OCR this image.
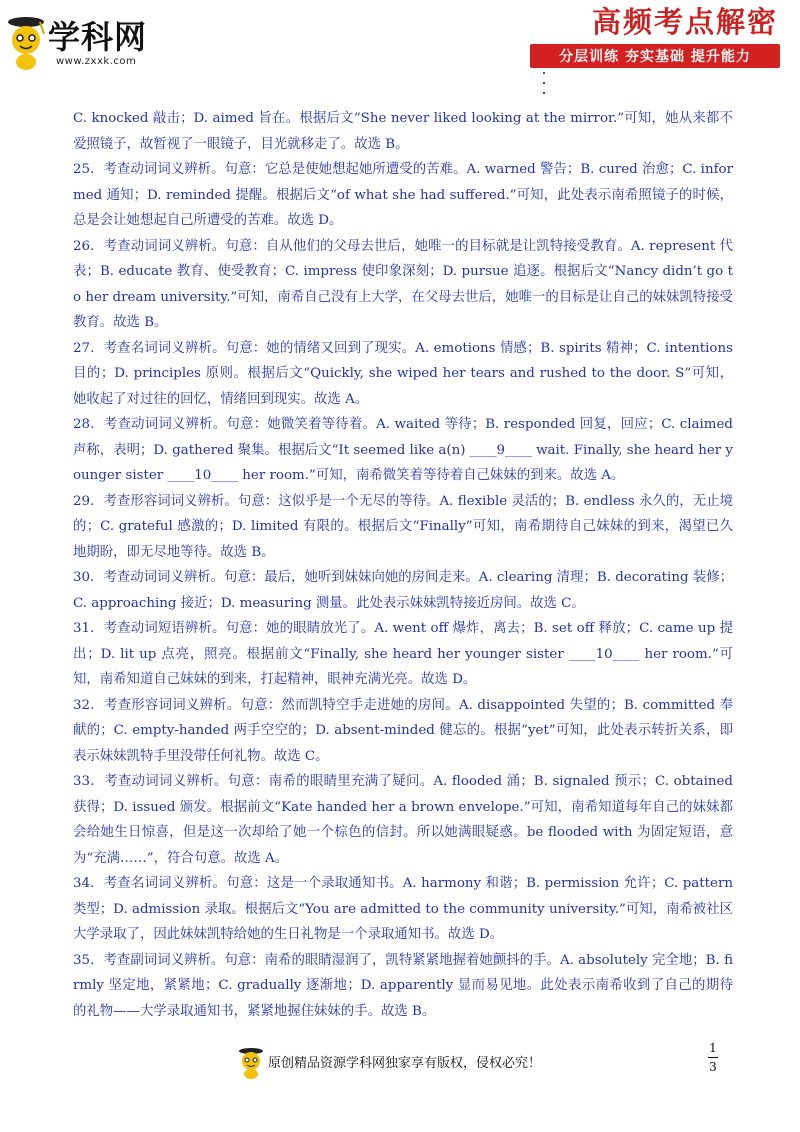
学科网
www.zxxk.com
高频考点解密
分层训练 夯实基础 提升能力

C. knocked 敲击；D. aimed 旨在。根据后文“She never liked looking at the mirror.”可知，她从来都不爱照镜子，故暂视了一眼镜子，目光就移走了。故选 B。

25．考查动词词义辨析。句意：它总是使她想起她所遭受的苦难。A. warned 警告；B. cured 治愈；C. informed 通知；D. reminded 提醒。根据后文“of what she had suffered.”可知，此处表示南希照镜子的时候，总是会让她想起自己所遭受的苦难。故选 D。

26．考查动词词义辨析。句意：自从他们的父母去世后，她唯一的目标就是让凯特接受教育。A. represent 代表；B. educate 教育、使受教育；C. impress 使印象深刻；D. pursue 追逐。根据后文“Nancy didn’t go to her dream university.”可知，南希自己没有上大学，在父母去世后，她唯一的目标是让自己的妹妹凯特接受教育。故选 B。

27．考查名词词义辨析。句意：她的情绪又回到了现实。A. emotions 情感；B. spirits 精神；C. intentions 目的；D. principles 原则。根据后文“Quickly, she wiped her tears and rushed to the door. S”可知，她收起了对过往的回忆，情绪回到现实。故选 A。

28．考查动词词义辨析。句意：她微笑着等待着。A. waited 等待；B. responded 回复，回应；C. claimed 声称，表明；D. gathered 聚集。根据后文“It seemed like a(n) ____9____ wait. Finally, she heard her younger sister ____10____ her room.”可知，南希微笑着等待着自己妹妹的到来。故选 A。

29．考查形容词词义辨析。句意：这似乎是一个无尽的等待。A. flexible 灵活的；B. endless 永久的，无止境的；C. grateful 感激的；D. limited 有限的。根据后文“Finally”可知，南希期待自己妹妹的到来，渴望已久地期盼，即无尽地等待。故选 B。

30．考查动词词义辨析。句意：最后，她听到妹妹向她的房间走来。A. clearing 清理；B. decorating 装修；C. approaching 接近；D. measuring 测量。此处表示妹妹凯特接近房间。故选 C。

31．考查动词短语辨析。句意：她的眼睛放光了。A. went off 爆炸，离去；B. set off 释放；C. came up 提出；D. lit up 点亮，照亮。根据前文“Finally, she heard her younger sister ____10____ her room.”可知，南希知道自己妹妹的到来，打起精神，眼神充满光亮。故选 D。

32．考查形容词词义辨析。句意：然而凯特空手走进她的房间。A. disappointed 失望的；B. committed 奉献的；C. empty-handed 两手空空的；D. absent-minded 健忘的。根据“yet”可知，此处表示转折关系，即表示妹妹凯特手里没带任何礼物。故选 C。

33．考查动词词义辨析。句意：南希的眼睛里充满了疑问。A. flooded 涌；B. signaled 预示；C. obtained 获得；D. issued 颁发。根据前文“Kate handed her a brown envelope.”可知，南希知道每年自己的妹妹都会给她生日惊喜，但是这一次却给了她一个棕色的信封。所以她满眼疑惑。be flooded with 为固定短语，意为“充满……”，符合句意。故选 A。

34．考查名词词义辨析。句意：这是一个录取通知书。A. harmony 和谐；B. permission 允许；C. pattern 类型；D. admission 录取。根据后文“You are admitted to the community university.”可知，南希被社区大学录取了，因此妹妹凯特给她的生日礼物是一个录取通知书。故选 D。

35．考查副词词义辨析。句意：南希的眼睛湿润了，凯特紧紧地握着她颤抖的手。A. absolutely 完全地；B. firmly 坚定地，紧紧地；C. gradually 逐渐地；D. apparently 显而易见地。此处表示南希收到了自己的期待的礼物——大学录取通知书，紧紧地握住妹妹的手。故选 B。

原创精品资源学科网独家享有版权，侵权必究！
1
3
